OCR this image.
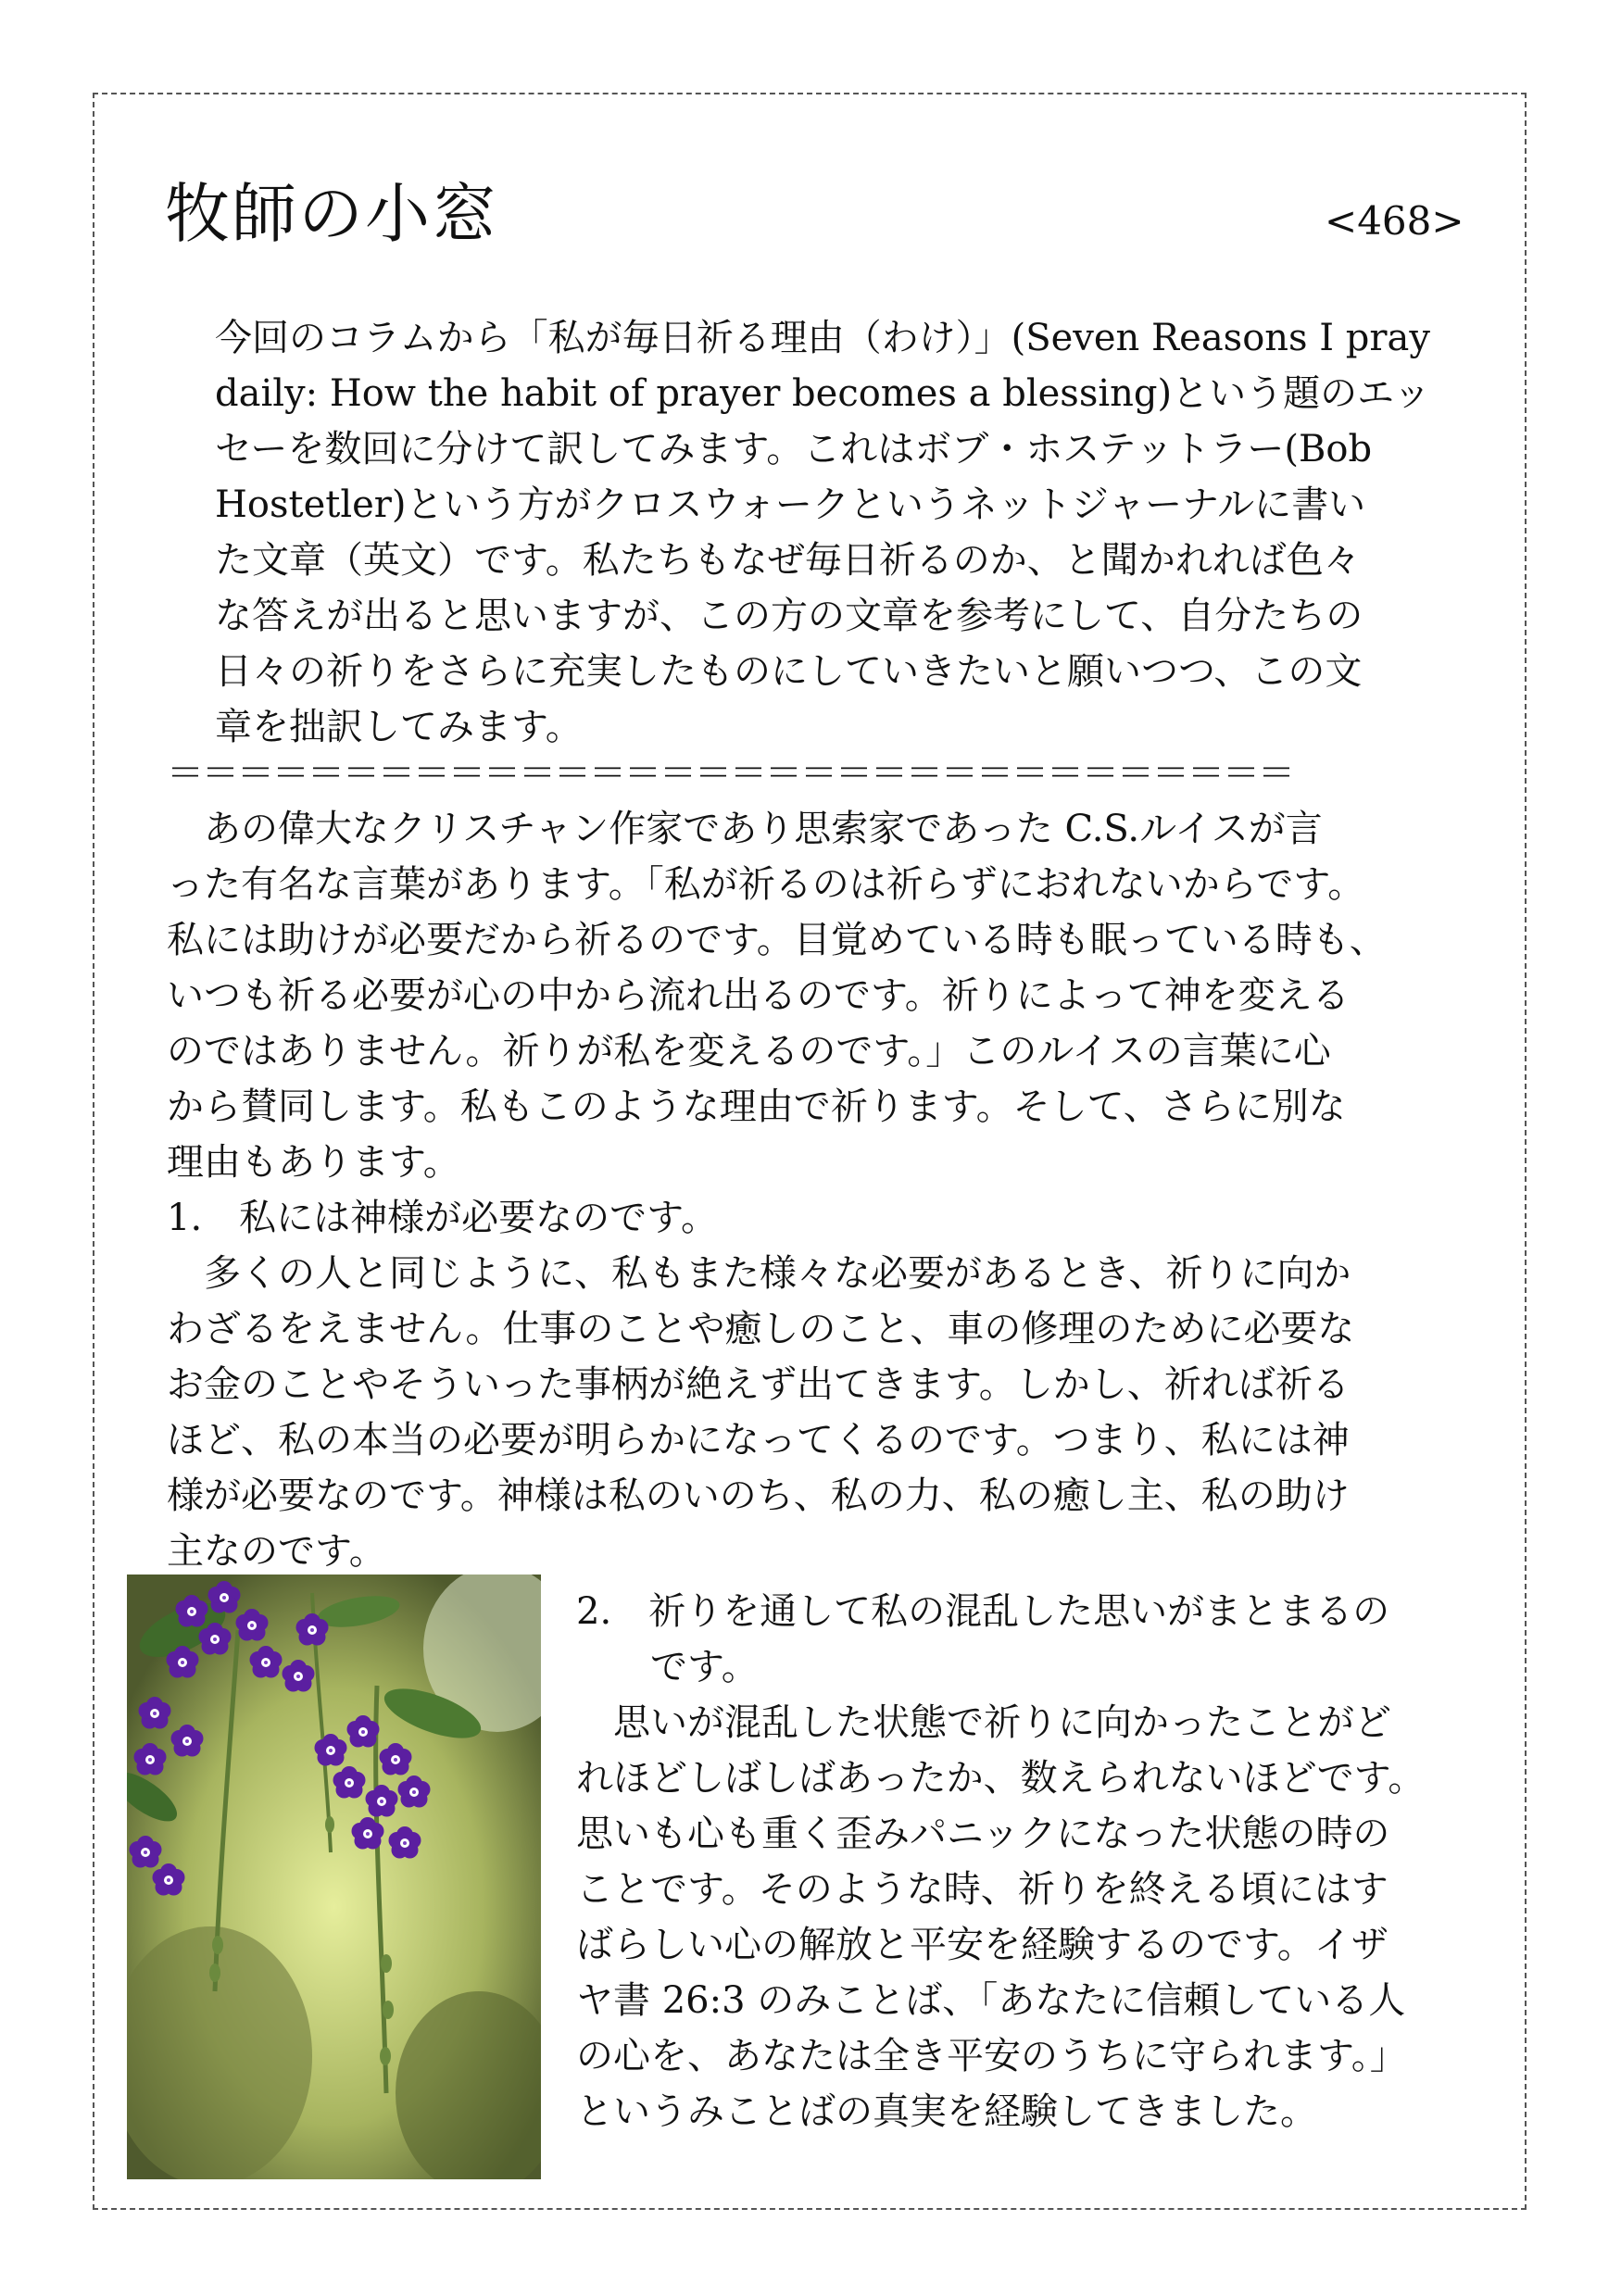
牧師の小窓	<468>

今回のコラムから「私が毎日祈る理由（わけ）」(Seven Reasons I pray

daily: How the habit of prayer becomes a blessing)という題のエッ

セーを数回に分けて訳してみます。これはボブ・ホステットラー(Bob

Hostetler)という方がクロスウォークというネットジャーナルに書い

た文章（英文）です。私たちもなぜ毎日祈るのか、と聞かれれば色々

な答えが出ると思いますが、この方の文章を参考にして、自分たちの

日々の祈りをさらに充実したものにしていきたいと願いつつ、この文

章を拙訳してみます。

＝＝＝＝＝＝＝＝＝＝＝＝＝＝＝＝＝＝＝＝＝＝＝＝＝＝＝＝＝＝＝＝

　あの偉大なクリスチャン作家であり思索家であった C.S.ルイスが言

った有名な言葉があります。「私が祈るのは祈らずにおれないからです。

私には助けが必要だから祈るのです。目覚めている時も眠っている時も、

いつも祈る必要が心の中から流れ出るのです。祈りによって神を変える

のではありません。祈りが私を変えるのです。」このルイスの言葉に心

から賛同します。私もこのような理由で祈ります。そして、さらに別な

理由もあります。

1.　私には神様が必要なのです。

　多くの人と同じように、私もまた様々な必要があるとき、祈りに向か

わざるをえません。仕事のことや癒しのこと、車の修理のために必要な

お金のことやそういった事柄が絶えず出てきます。しかし、祈れば祈る

ほど、私の本当の必要が明らかになってくるのです。つまり、私には神

様が必要なのです。神様は私のいのち、私の力、私の癒し主、私の助け

主なのです。

2.　祈りを通して私の混乱した思いがまとまるの

　　です。

　思いが混乱した状態で祈りに向かったことがど

れほどしばしばあったか、数えられないほどです。

思いも心も重く歪みパニックになった状態の時の

ことです。そのような時、祈りを終える頃にはす

ばらしい心の解放と平安を経験するのです。イザ

ヤ書 26:3 のみことば、「あなたに信頼している人

の心を、あなたは全き平安のうちに守られます。」

というみことばの真実を経験してきました。
